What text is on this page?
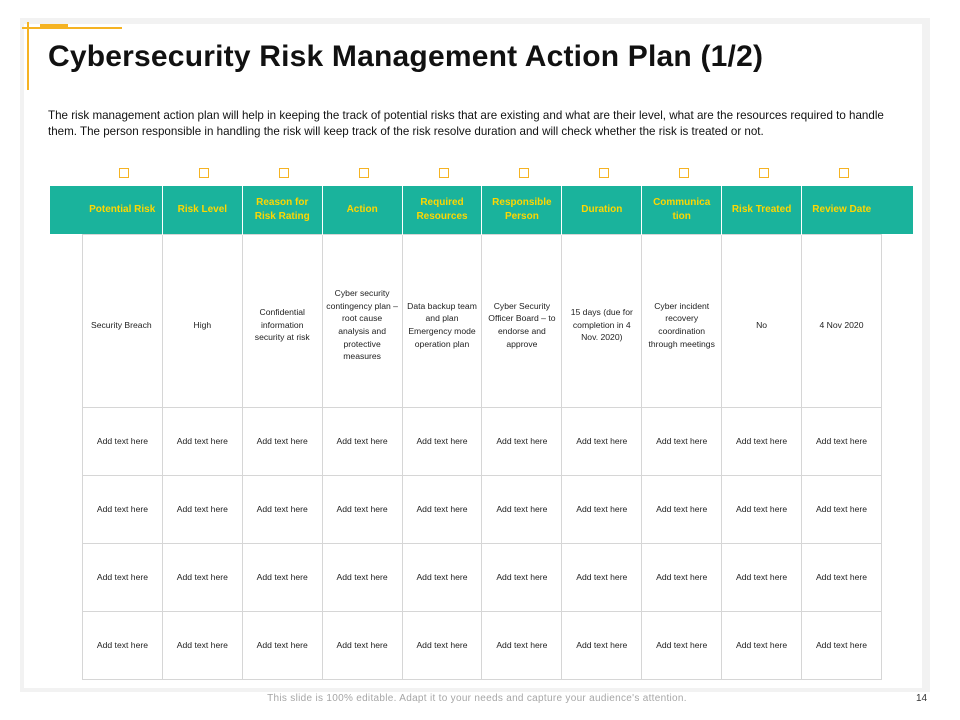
Cybersecurity Risk Management Action Plan (1/2)

The risk management action plan will help in keeping the track of potential risks that are existing and what are their level, what are the resources required to handle them. The person responsible in handling the risk will keep track of the risk resolve duration and will check whether the risk is treated or not.

Potential Risk	Risk Level	Reason for Risk Rating	Action	Required Resources	Responsible Person	Duration	Communica tion	Risk Treated	Review Date

Security Breach	High	Confidential information security at risk	Cyber security contingency plan – root cause analysis and protective measures	Data backup team and plan Emergency mode operation plan	Cyber Security Officer Board – to endorse and approve	15 days (due for completion in 4 Nov. 2020)	Cyber incident recovery coordination through meetings	No	4 Nov 2020
Add text here	Add text here	Add text here	Add text here	Add text here	Add text here	Add text here	Add text here	Add text here	Add text here
Add text here	Add text here	Add text here	Add text here	Add text here	Add text here	Add text here	Add text here	Add text here	Add text here
Add text here	Add text here	Add text here	Add text here	Add text here	Add text here	Add text here	Add text here	Add text here	Add text here
Add text here	Add text here	Add text here	Add text here	Add text here	Add text here	Add text here	Add text here	Add text here	Add text here

This slide is 100% editable. Adapt it to your needs and capture your audience's attention.	14
